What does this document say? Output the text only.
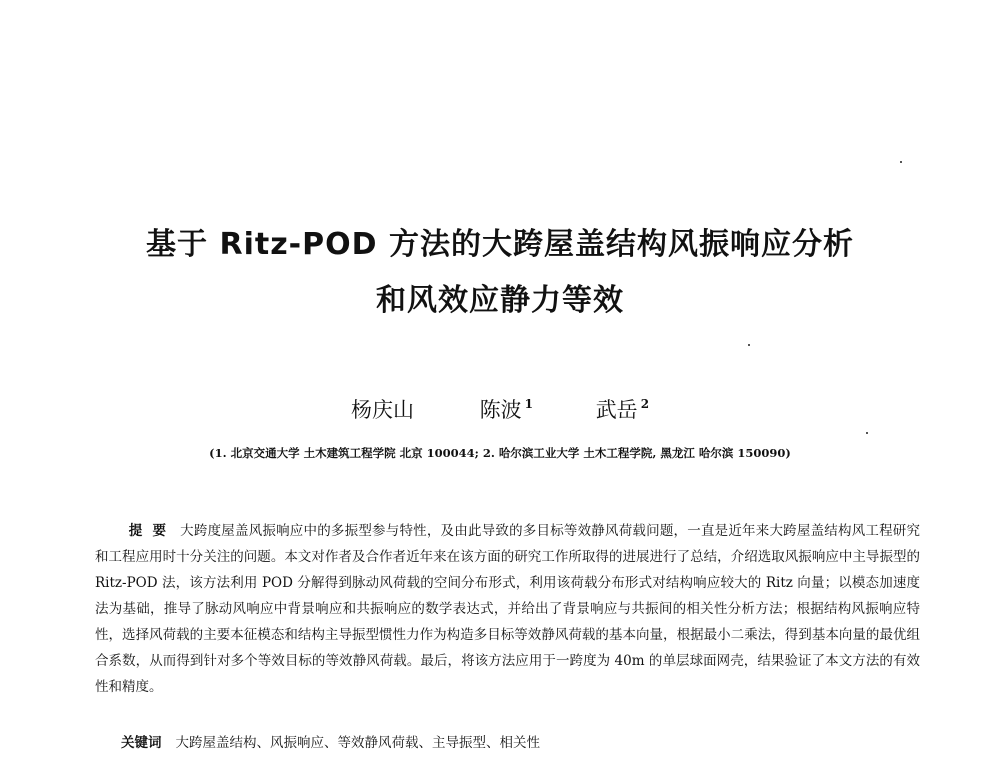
基于 Ritz-POD 方法的大跨屋盖结构风振响应分析
和风效应静力等效
杨庆山	陈波 $^1$	武岳 $^2$
(1. 北京交通大学 土木建筑工程学院 北京 100044; 2. 哈尔滨工业大学 土木工程学院, 黑龙江 哈尔滨 150090)
提要 大跨度屋盖风振响应中的多振型参与特性，及由此导致的多目标等效静风荷载问题，一直是近年来大跨屋盖结构风工程研究和工程应用时十分关注的问题。本文对作者及合作者近年来在该方面的研究工作所取得的进展进行了总结，介绍选取风振响应中主导振型的 Ritz-POD 法，该方法利用 POD 分解得到脉动风荷载的空间分布形式，利用该荷载分布形式对结构响应较大的 Ritz 向量；以模态加速度法为基础，推导了脉动风响应中背景响应和共振响应的数学表达式，并给出了背景响应与共振间的相关性分析方法；根据结构风振响应特性，选择风荷载的主要本征模态和结构主导振型惯性力作为构造多目标等效静风荷载的基本向量，根据最小二乘法，得到基本向量的最优组合系数，从而得到针对多个等效目标的等效静风荷载。最后，将该方法应用于一跨度为 40m 的单层球面网壳，结果验证了本文方法的有效性和精度。
关键词 大跨屋盖结构、风振响应、等效静风荷载、主导振型、相关性
